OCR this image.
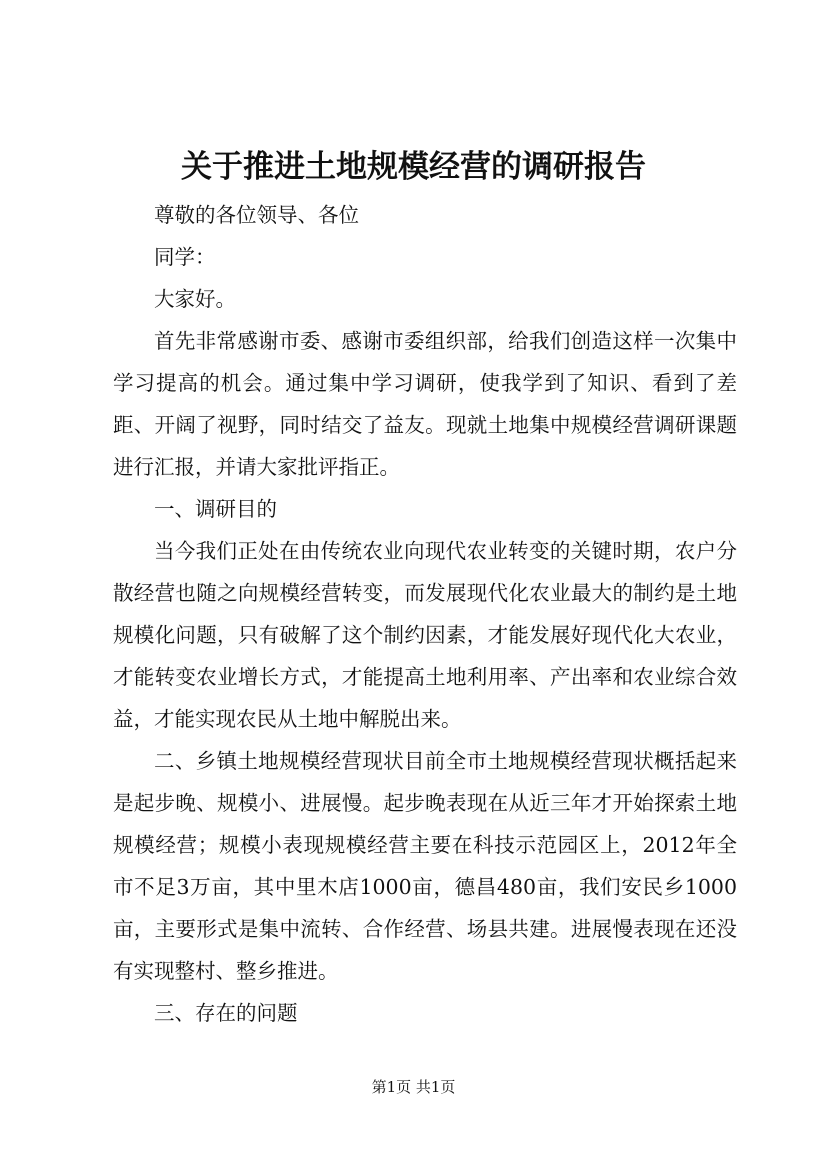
关于推进土地规模经营的调研报告

尊敬的各位领导、各位

同学：

大家好。

首先非常感谢市委、感谢市委组织部，给我们创造这样一次集中学习提高的机会。通过集中学习调研，使我学到了知识、看到了差距、开阔了视野，同时结交了益友。现就土地集中规模经营调研课题进行汇报，并请大家批评指正。

一、调研目的

当今我们正处在由传统农业向现代农业转变的关键时期，农户分散经营也随之向规模经营转变，而发展现代化农业最大的制约是土地规模化问题，只有破解了这个制约因素，才能发展好现代化大农业，才能转变农业增长方式，才能提高土地利用率、产出率和农业综合效益，才能实现农民从土地中解脱出来。

二、乡镇土地规模经营现状目前全市土地规模经营现状概括起来是起步晚、规模小、进展慢。起步晚表现在从近三年才开始探索土地规模经营；规模小表现规模经营主要在科技示范园区上，2012年全市不足3万亩，其中里木店1000亩，德昌480亩，我们安民乡1000亩，主要形式是集中流转、合作经营、场县共建。进展慢表现在还没有实现整村、整乡推进。

三、存在的问题

第1页 共1页
